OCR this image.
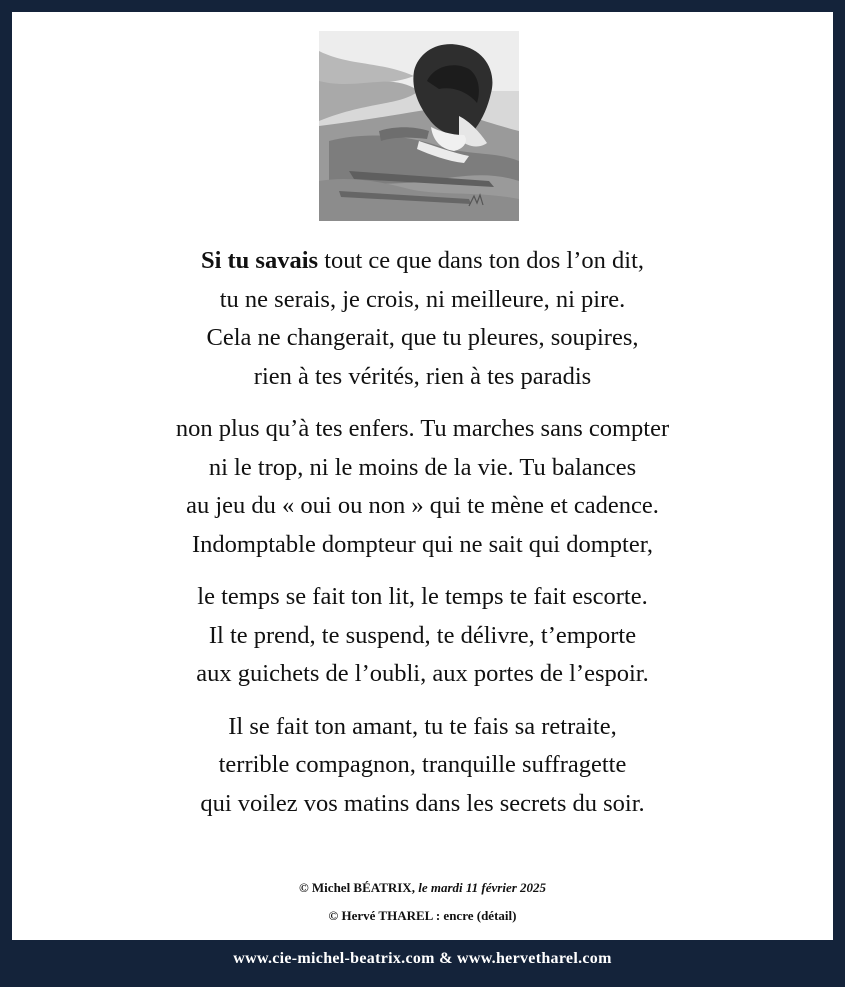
Si tu savais tout ce que dans ton dos l’on dit,
tu ne serais, je crois, ni meilleure, ni pire.
Cela ne changerait, que tu pleures, soupires,
rien à tes vérités, rien à tes paradis
non plus qu’à tes enfers. Tu marches sans compter
ni le trop, ni le moins de la vie. Tu balances
au jeu du « oui ou non » qui te mène et cadence.
Indomptable dompteur qui ne sait qui dompter,
le temps se fait ton lit, le temps te fait escorte.
Il te prend, te suspend, te délivre, t’emporte
aux guichets de l’oubli, aux portes de l’espoir.
Il se fait ton amant, tu te fais sa retraite,
terrible compagnon, tranquille suffragette
qui voilez vos matins dans les secrets du soir.
© Michel BÉATRIX, le mardi 11 février 2025
© Hervé THAREL : encre (détail)
www.cie-michel-beatrix.com & www.hervetharel.com
